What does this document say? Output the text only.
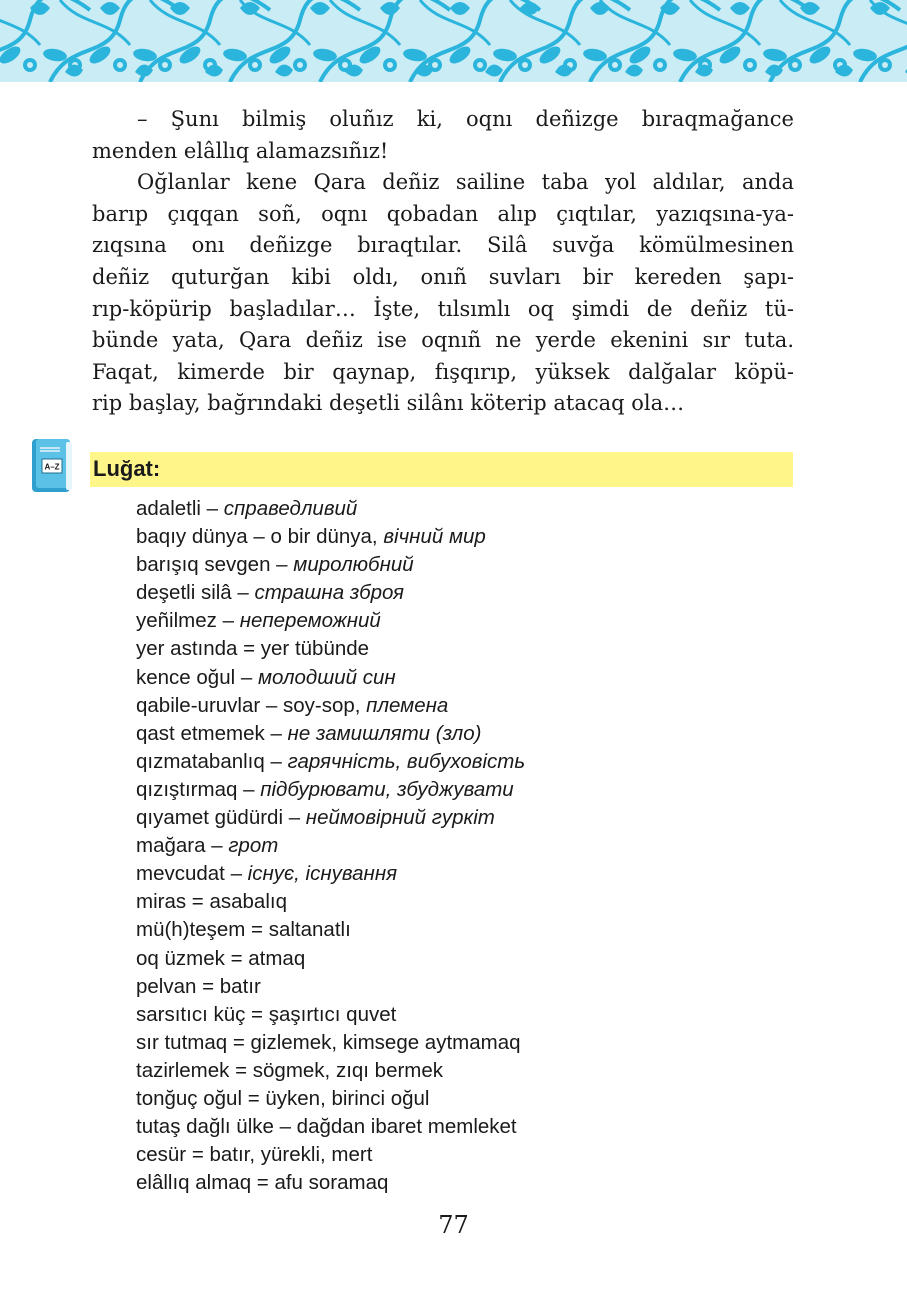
– Şunı bilmiş oluñız ki, oqnı deñizge bıraqmağance
menden elâllıq alamazsıñız!
Oğlanlar kene Qara deñiz sailine taba yol aldılar, anda
barıp çıqqan soñ, oqnı qobadan alıp çıqtılar, yazıqsına-ya-
zıqsına onı deñizge bıraqtılar. Silâ suvğa kömülmesinen
deñiz quturğan kibi oldı, onıñ suvları bir kereden şapı-
rıp-köpürip başladılar… İşte, tılsımlı oq şimdi de deñiz tü-
bünde yata, Qara deñiz ise oqnıñ ne yerde ekenini sır tuta.
Faqat, kimerde bir qaynap, fışqırıp, yüksek dalğalar köpü-
rip başlay, bağrındaki deşetli silânı köterip atacaq ola…
A–Z Luğat:
adaletli – справедливий
baqıy dünya – o bir dünya, вічний мир
barışıq sevgen – миролюбний
deşetli silâ – страшна зброя
yeñilmez – непереможний
yer astında = yer tübünde
kence oğul – молодший син
qabile-uruvlar – soy-sop, племена
qast etmemek – не замишляти (зло)
qızmatabanlıq – гарячність, вибуховість
qızıştırmaq – підбурювати, збуджувати
qıyamet güdürdi – неймовірний гуркіт
mağara – грот
mevcudat – існує, існування
miras = asabalıq
mü(h)teşem = saltanatlı
oq üzmek = atmaq
pelvan = batır
sarsıtıcı küç = şaşırtıcı quvet
sır tutmaq = gizlemek, kimsege aytmamaq
tazirlemek = sögmek, zıqı bermek
tonğuç oğul = üyken, birinci oğul
tutaş dağlı ülke – dağdan ibaret memleket
cesür = batır, yürekli, mert
elâllıq almaq = afu soramaq
77
